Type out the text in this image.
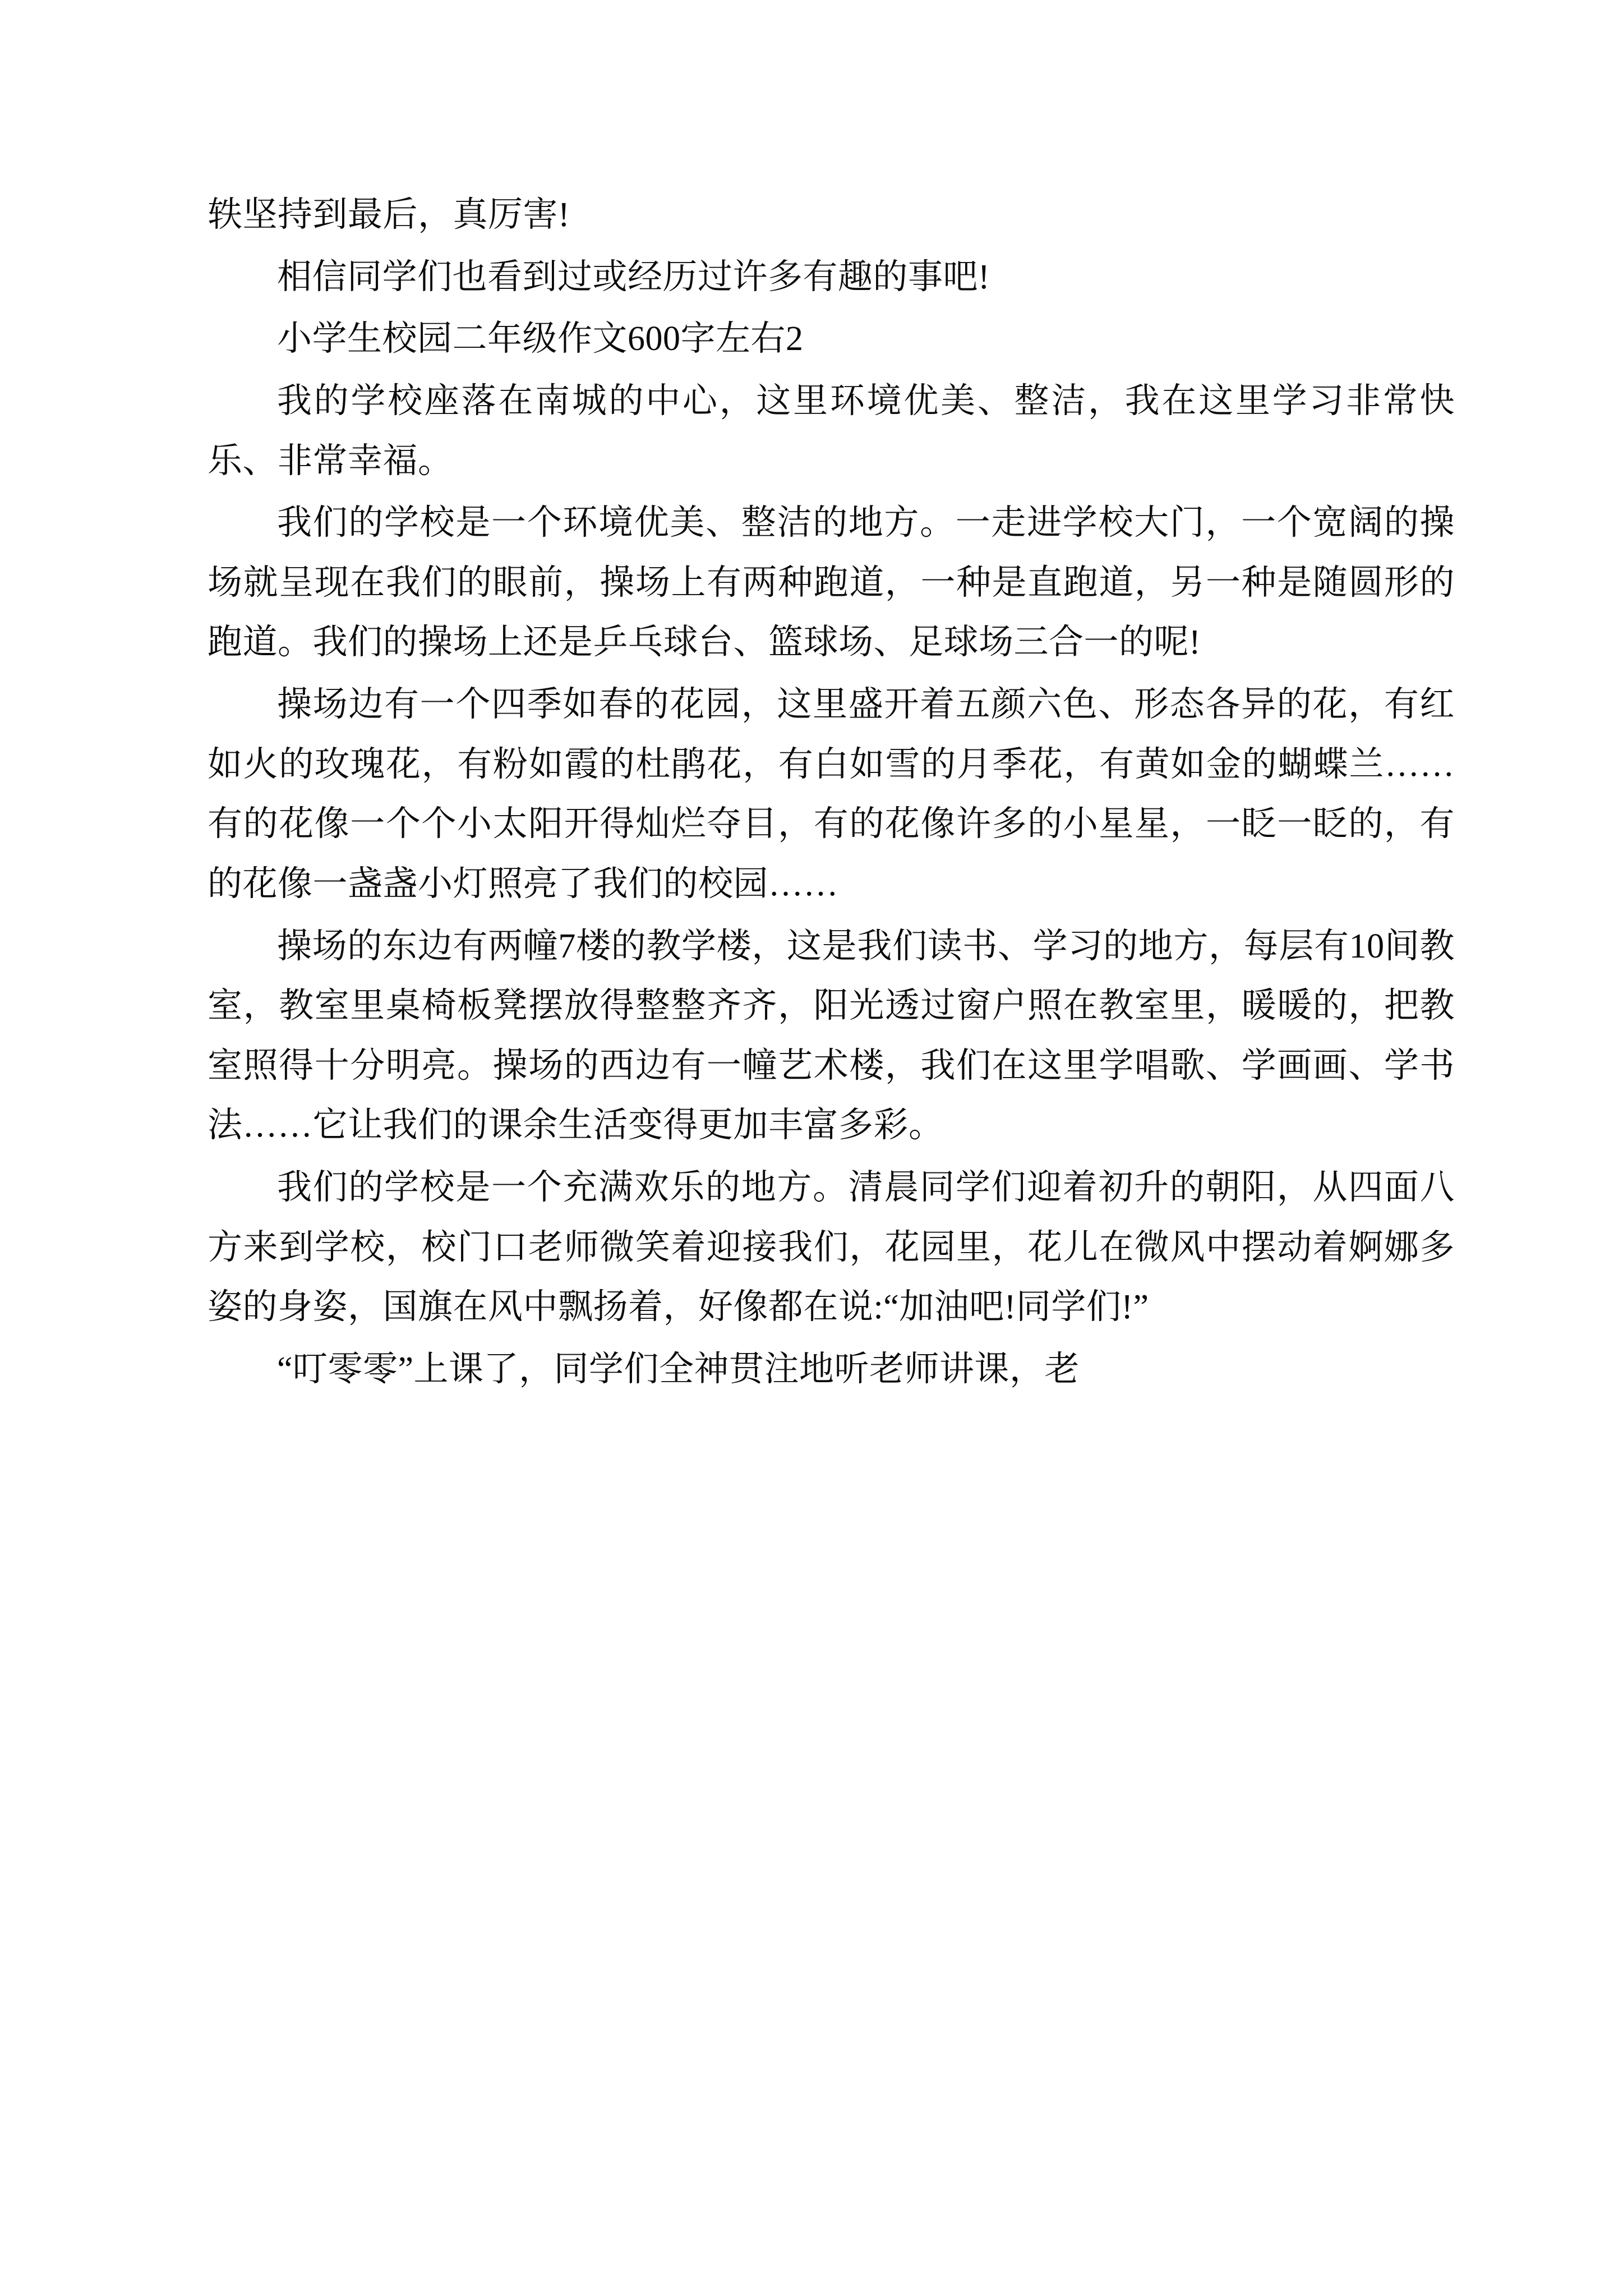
轶坚持到最后，真厉害!

相信同学们也看到过或经历过许多有趣的事吧!

小学生校园二年级作文600字左右2

我的学校座落在南城的中心，这里环境优美、整洁，我在这里学习非常快乐、非常幸福。

我们的学校是一个环境优美、整洁的地方。一走进学校大门，一个宽阔的操场就呈现在我们的眼前，操场上有两种跑道，一种是直跑道，另一种是随圆形的跑道。我们的操场上还是乒乓球台、篮球场、足球场三合一的呢!

操场边有一个四季如春的花园，这里盛开着五颜六色、形态各异的花，有红如火的玫瑰花，有粉如霞的杜鹃花，有白如雪的月季花，有黄如金的蝴蝶兰……有的花像一个个小太阳开得灿烂夺目，有的花像许多的小星星，一眨一眨的，有的花像一盏盏小灯照亮了我们的校园……

操场的东边有两幢7楼的教学楼，这是我们读书、学习的地方，每层有10间教室，教室里桌椅板凳摆放得整整齐齐，阳光透过窗户照在教室里，暖暖的，把教室照得十分明亮。操场的西边有一幢艺术楼，我们在这里学唱歌、学画画、学书法……它让我们的课余生活变得更加丰富多彩。

我们的学校是一个充满欢乐的地方。清晨同学们迎着初升的朝阳，从四面八方来到学校，校门口老师微笑着迎接我们，花园里，花儿在微风中摆动着婀娜多姿的身姿，国旗在风中飘扬着，好像都在说:“加油吧!同学们!”

“叮零零”上课了，同学们全神贯注地听老师讲课，老
